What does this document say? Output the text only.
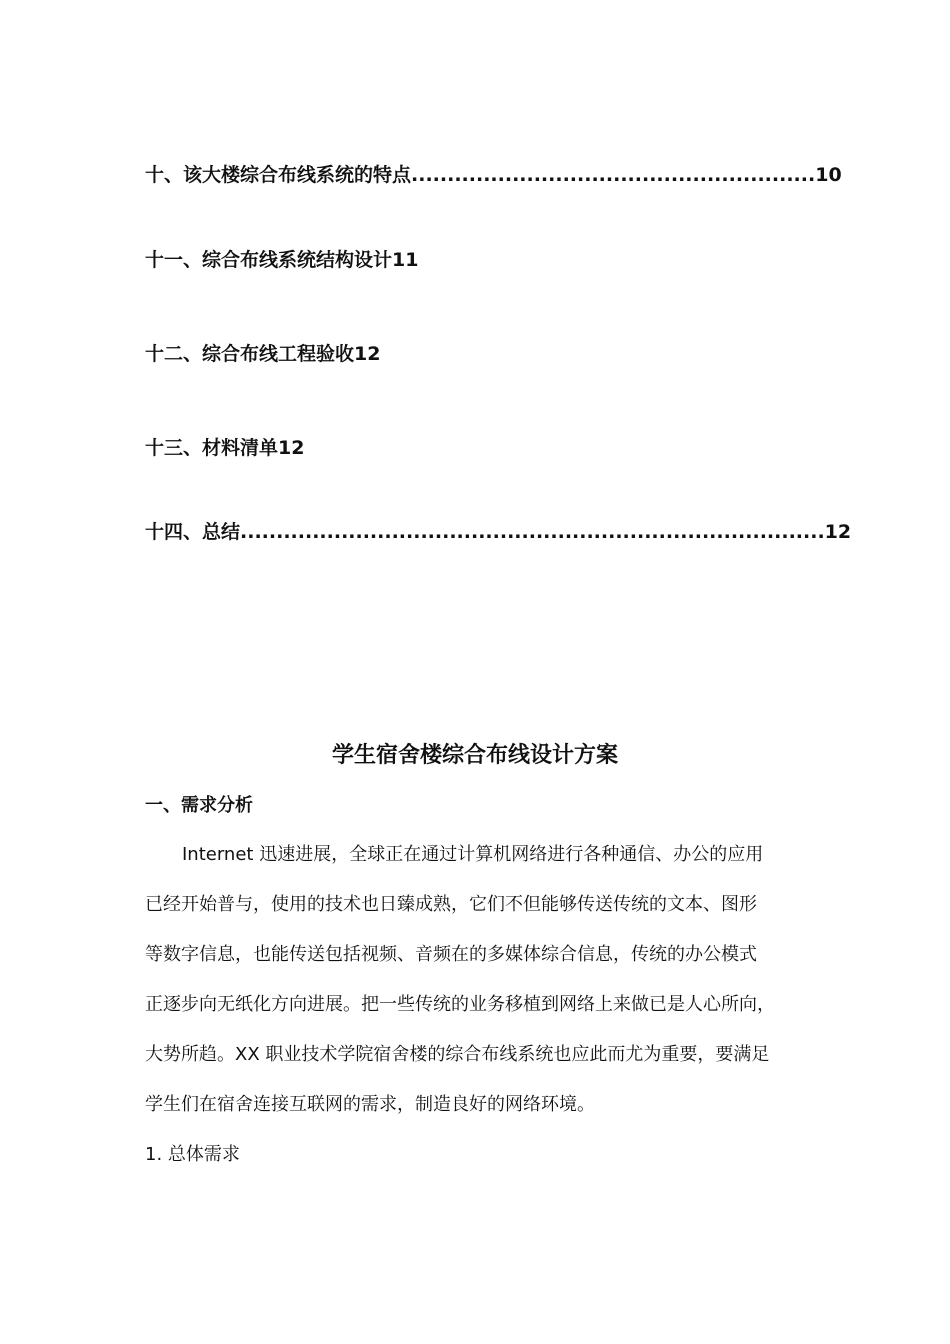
十、该大楼综合布线系统的特点........................................................10
十一、综合布线系统结构设计11
十二、综合布线工程验收12
十三、材料清单12
十四、总结.................................................................................12
学生宿舍楼综合布线设计方案
一、需求分析
Internet 迅速进展，全球正在通过计算机网络进行各种通信、办公的应用
已经开始普与，使用的技术也日臻成熟，它们不但能够传送传统的文本、图形
等数字信息，也能传送包括视频、音频在的多媒体综合信息，传统的办公模式
正逐步向无纸化方向进展。把一些传统的业务移植到网络上来做已是人心所向，
大势所趋。XX 职业技术学院宿舍楼的综合布线系统也应此而尤为重要，要满足
学生们在宿舍连接互联网的需求，制造良好的网络环境。
1. 总体需求
